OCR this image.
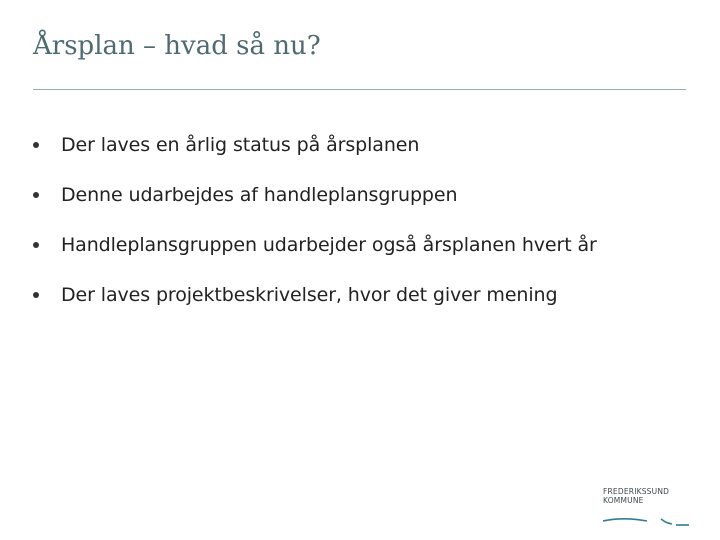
Årsplan – hvad så nu?
Der laves en årlig status på årsplanen
Denne udarbejdes af handleplansgruppen
Handleplansgruppen udarbejder også årsplanen hvert år
Der laves projektbeskrivelser, hvor det giver mening
FREDERIKSSUND
KOMMUNE
